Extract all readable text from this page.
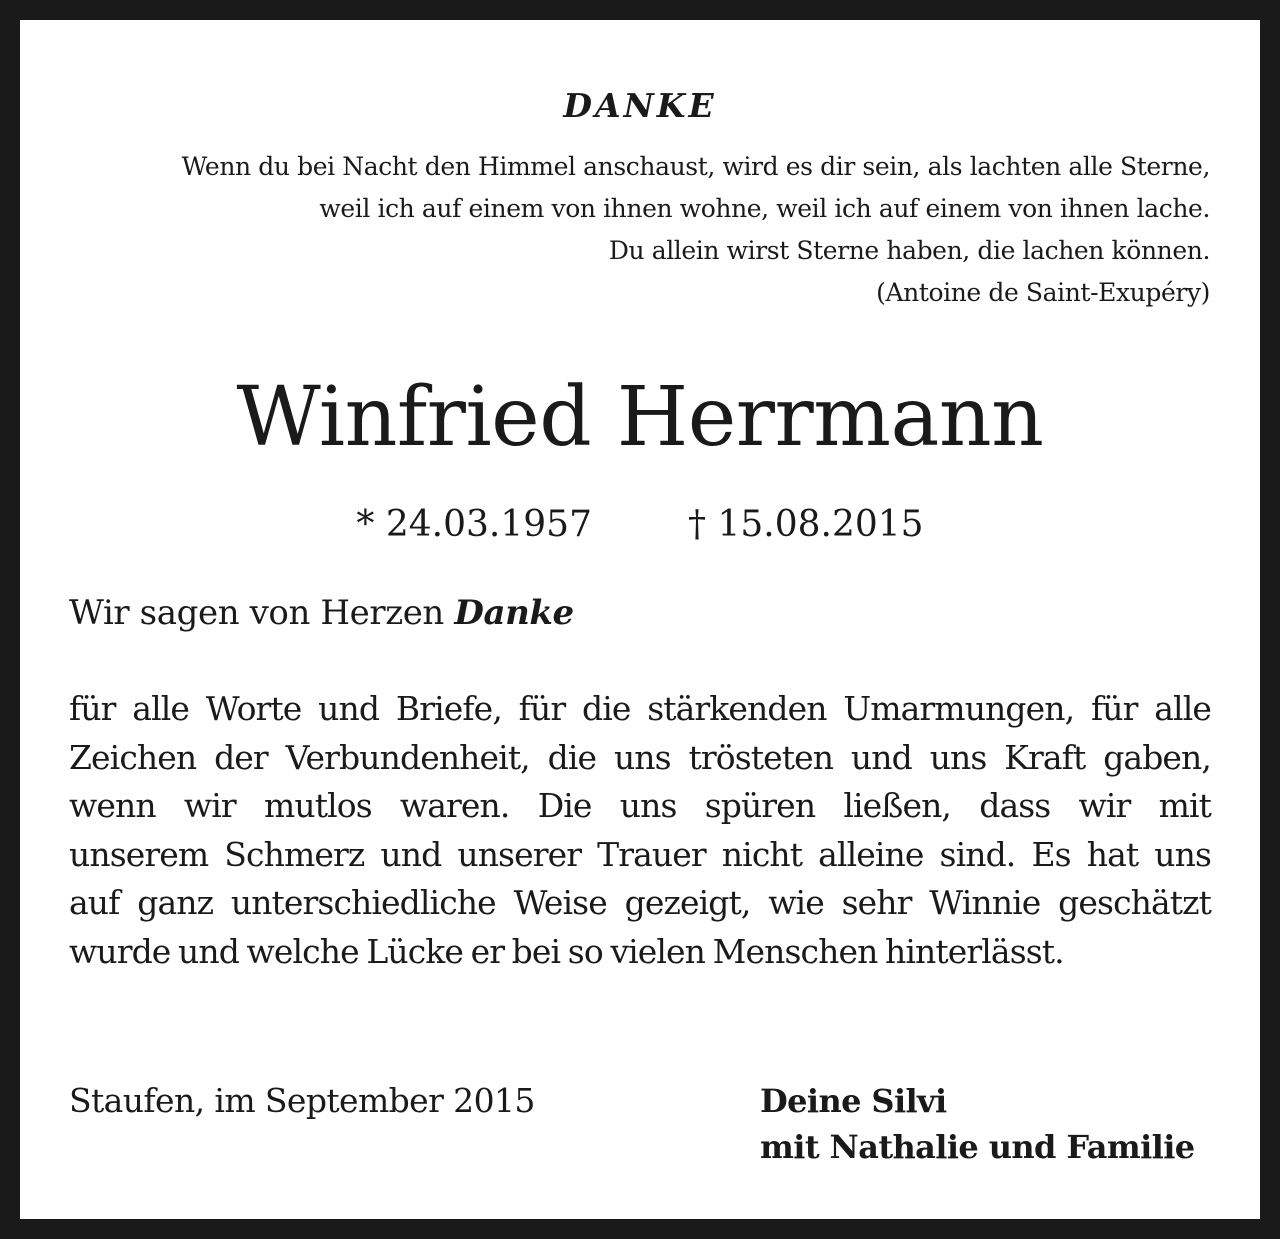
DANKE
Wenn du bei Nacht den Himmel anschaust, wird es dir sein, als lachten alle Sterne,
weil ich auf einem von ihnen wohne, weil ich auf einem von ihnen lache.
Du allein wirst Sterne haben, die lachen können.
(Antoine de Saint-Exupéry)
Winfried Herrmann
* 24.03.1957	† 15.08.2015
Wir sagen von Herzen Danke
für alle Worte und Briefe, für die stärkenden Umarmungen, für alle
Zeichen der Verbundenheit, die uns trösteten und uns Kraft gaben,
wenn wir mutlos waren. Die uns spüren ließen, dass wir mit
unserem Schmerz und unserer Trauer nicht alleine sind. Es hat uns
auf ganz unterschiedliche Weise gezeigt, wie sehr Winnie geschätzt
wurde und welche Lücke er bei so vielen Menschen hinterlässt.
Staufen, im September 2015	Deine Silvi
mit Nathalie und Familie
